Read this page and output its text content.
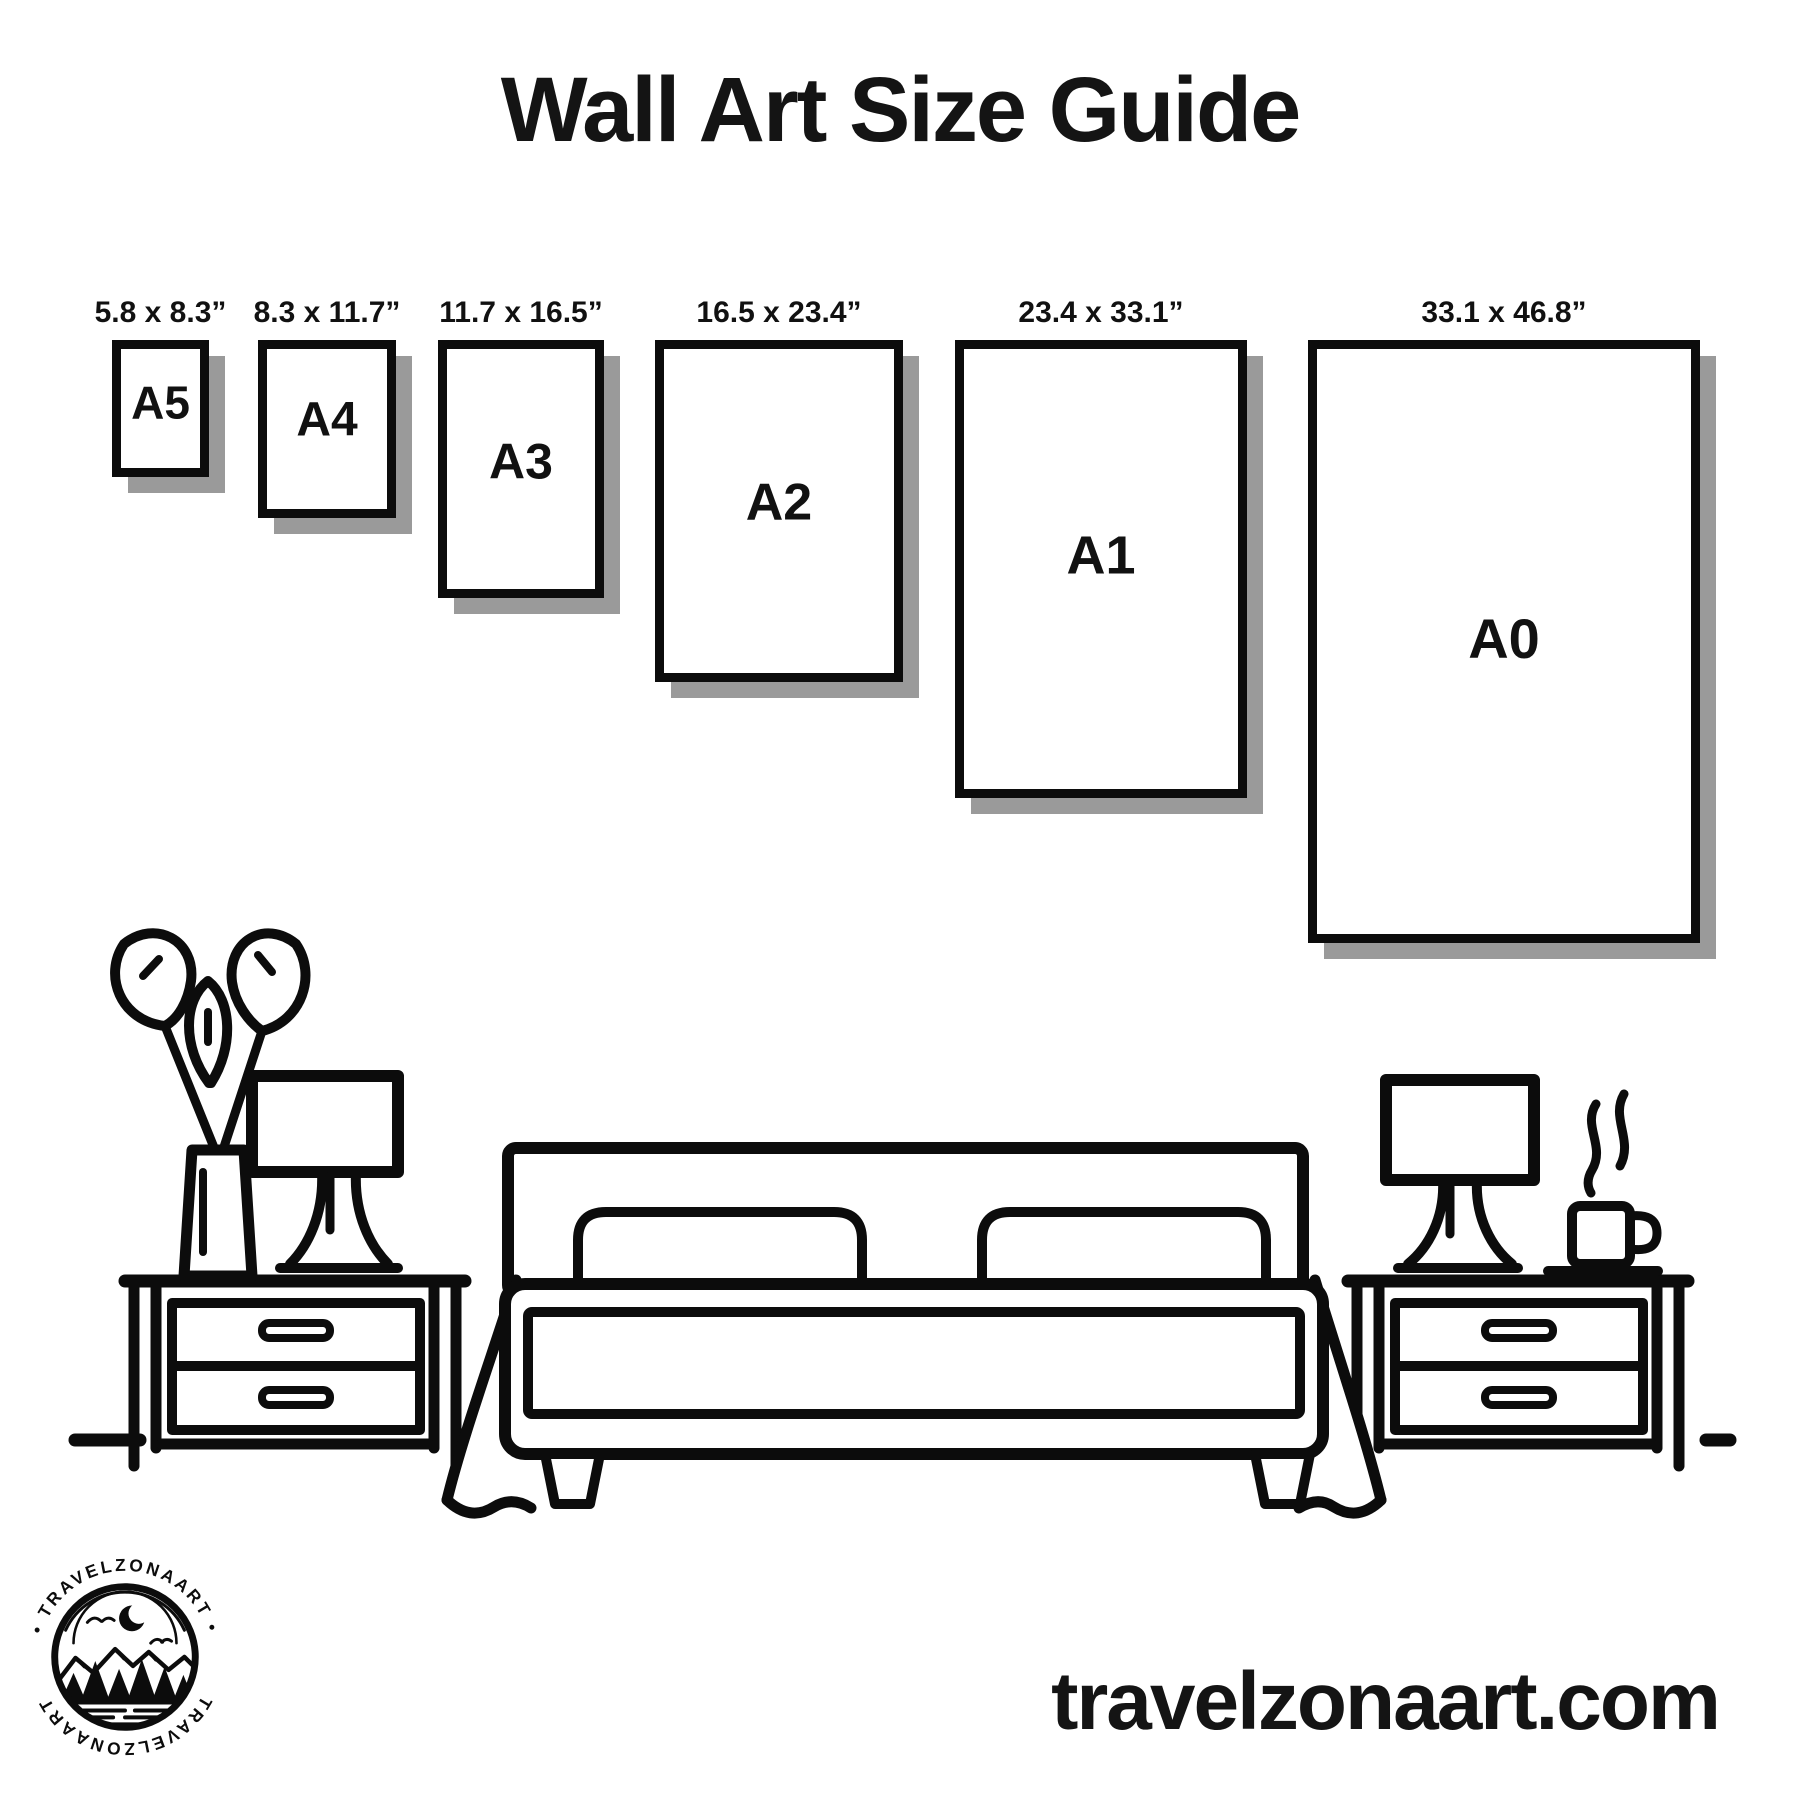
Wall Art Size Guide
5.8 x 8.3”
A5
8.3 x 11.7”
A4
11.7 x 16.5”
A3
16.5 x 23.4”
A2
23.4 x 33.1”
A1
33.1 x 46.8”
A0
• TRAVELZONAART •
TRAVELZONAART	travelzonaart.com
